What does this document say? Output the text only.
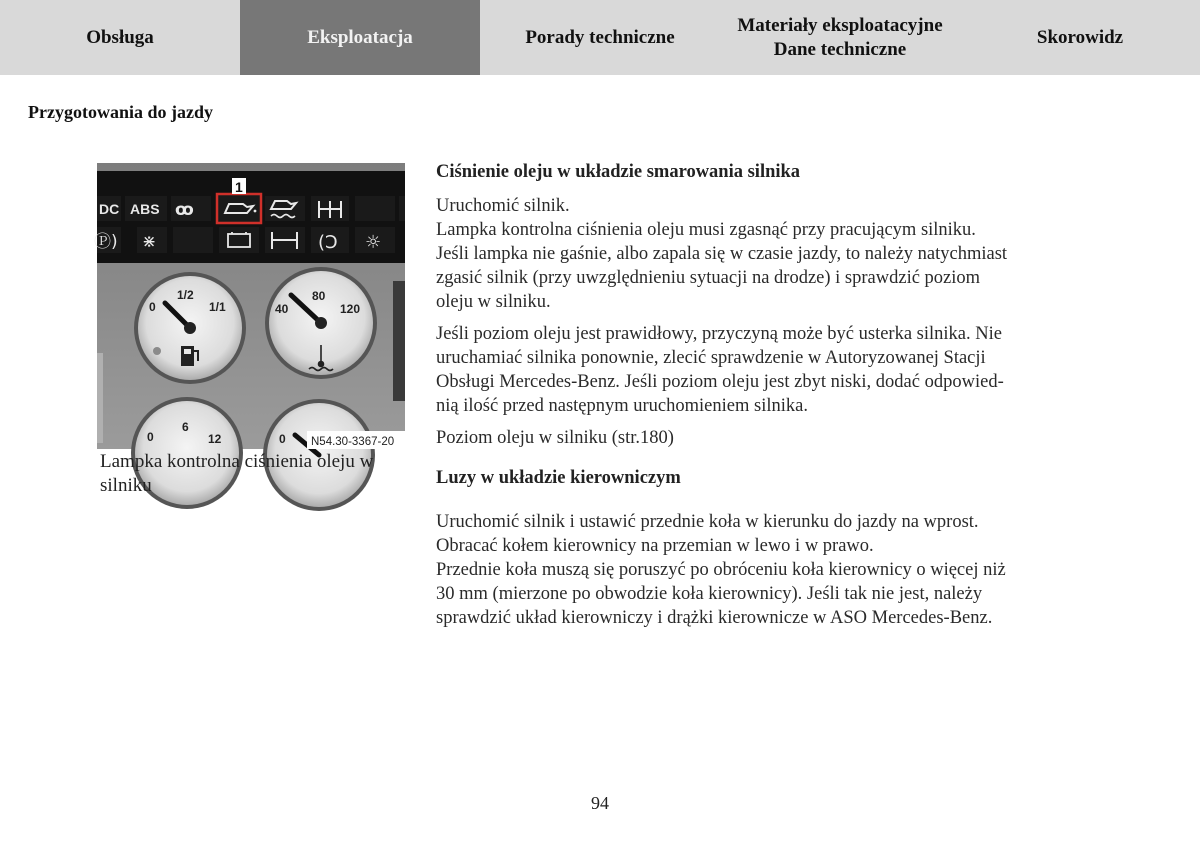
Obsługa	Eksploatacja	Porady techniczne
Materiały eksploatacyjne
Dane techniczne
Skorowidz
Przygotowania do jazdy
DC ABS ꝏ
1
Ⓟ) ⋇	(Ↄ ☼
0
1/2
1/1	40
80
120
0
6
12	0 N54.30-3367-20
Lampka kontrolna ciśnienia oleju w silniku
Ciśnienie oleju w układzie smarowania silnika

Uruchomić silnik.
Lampka kontrolna ciśnienia oleju musi zgasnąć przy pracującym silniku.
Jeśli lampka nie gaśnie, albo zapala się w czasie jazdy, to należy natychmiast
zgasić silnik (przy uwzględnieniu sytuacji na drodze) i sprawdzić poziom
oleju w silniku.

Jeśli poziom oleju jest prawidłowy, przyczyną może być usterka silnika. Nie
uruchamiać silnika ponownie, zlecić sprawdzenie w Autoryzowanej Stacji
Obsługi Mercedes-Benz. Jeśli poziom oleju jest zbyt niski, dodać odpowied-
nią ilość przed następnym uruchomieniem silnika.

Poziom oleju w silniku (str.180)

Luzy w układzie kierowniczym

Uruchomić silnik i ustawić przednie koła w kierunku do jazdy na wprost.
Obracać kołem kierownicy na przemian w lewo i w prawo.
Przednie koła muszą się poruszyć po obróceniu koła kierownicy o więcej niż
30 mm (mierzone po obwodzie koła kierownicy). Jeśli tak nie jest, należy
sprawdzić układ kierowniczy i drążki kierownicze w ASO Mercedes-Benz.

94
